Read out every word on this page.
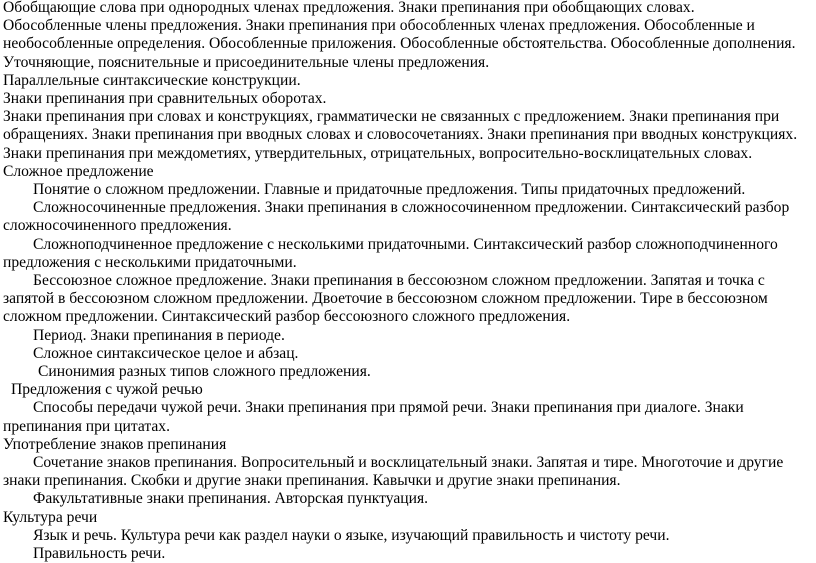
Обобщающие слова при однородных членах предложения. Знаки препинания при обобщающих словах.

Обособленные члены предложения. Знаки препинания при обособленных членах предложения. Обособленные и необособленные определения. Обособленные приложения. Обособленные обстоятельства. Обособленные дополнения.

Уточняющие, пояснительные и присоединительные члены предложения.

Параллельные синтаксические конструкции.

Знаки препинания при сравнительных оборотах.

Знаки препинания при словах и конструкциях, грамматически не связанных с предложением. Знаки препинания при обращениях. Знаки препинания при вводных словах и словосочетаниях. Знаки препинания при вводных конструкциях.

Знаки препинания при междометиях, утвердительных, отрицательных, вопросительно-восклицательных словах.

Сложное предложение

Понятие о сложном предложении. Главные и придаточные предложения. Типы придаточных предложений.

Сложносочиненные предложения. Знаки препинания в сложносочиненном предложении. Синтаксический разбор сложносочиненного предложения.

Сложноподчиненное предложение с несколькими придаточными. Синтаксический разбор сложноподчиненного предложения с несколькими придаточными.

Бессоюзное сложное предложение. Знаки препинания в бессоюзном сложном предложении. Запятая и точка с запятой в бессоюзном сложном предложении. Двоеточие в бессоюзном сложном предложении. Тире в бессоюзном сложном предложении. Синтаксический разбор бессоюзного сложного предложения.

Период. Знаки препинания в периоде.

Сложное синтаксическое целое и абзац.

Синонимия разных типов сложного предложения.

Предложения с чужой речью

Способы передачи чужой речи. Знаки препинания при прямой речи. Знаки препинания при диалоге. Знаки препинания при цитатах.

Употребление знаков препинания

Сочетание знаков препинания. Вопросительный и восклицательный знаки. Запятая и тире. Многоточие и другие знаки препинания. Скобки и другие знаки препинания. Кавычки и другие знаки препинания.

Факультативные знаки препинания. Авторская пунктуация.

Культура речи

Язык и речь. Культура речи как раздел науки о языке, изучающий правильность и чистоту речи.

Правильность речи.
